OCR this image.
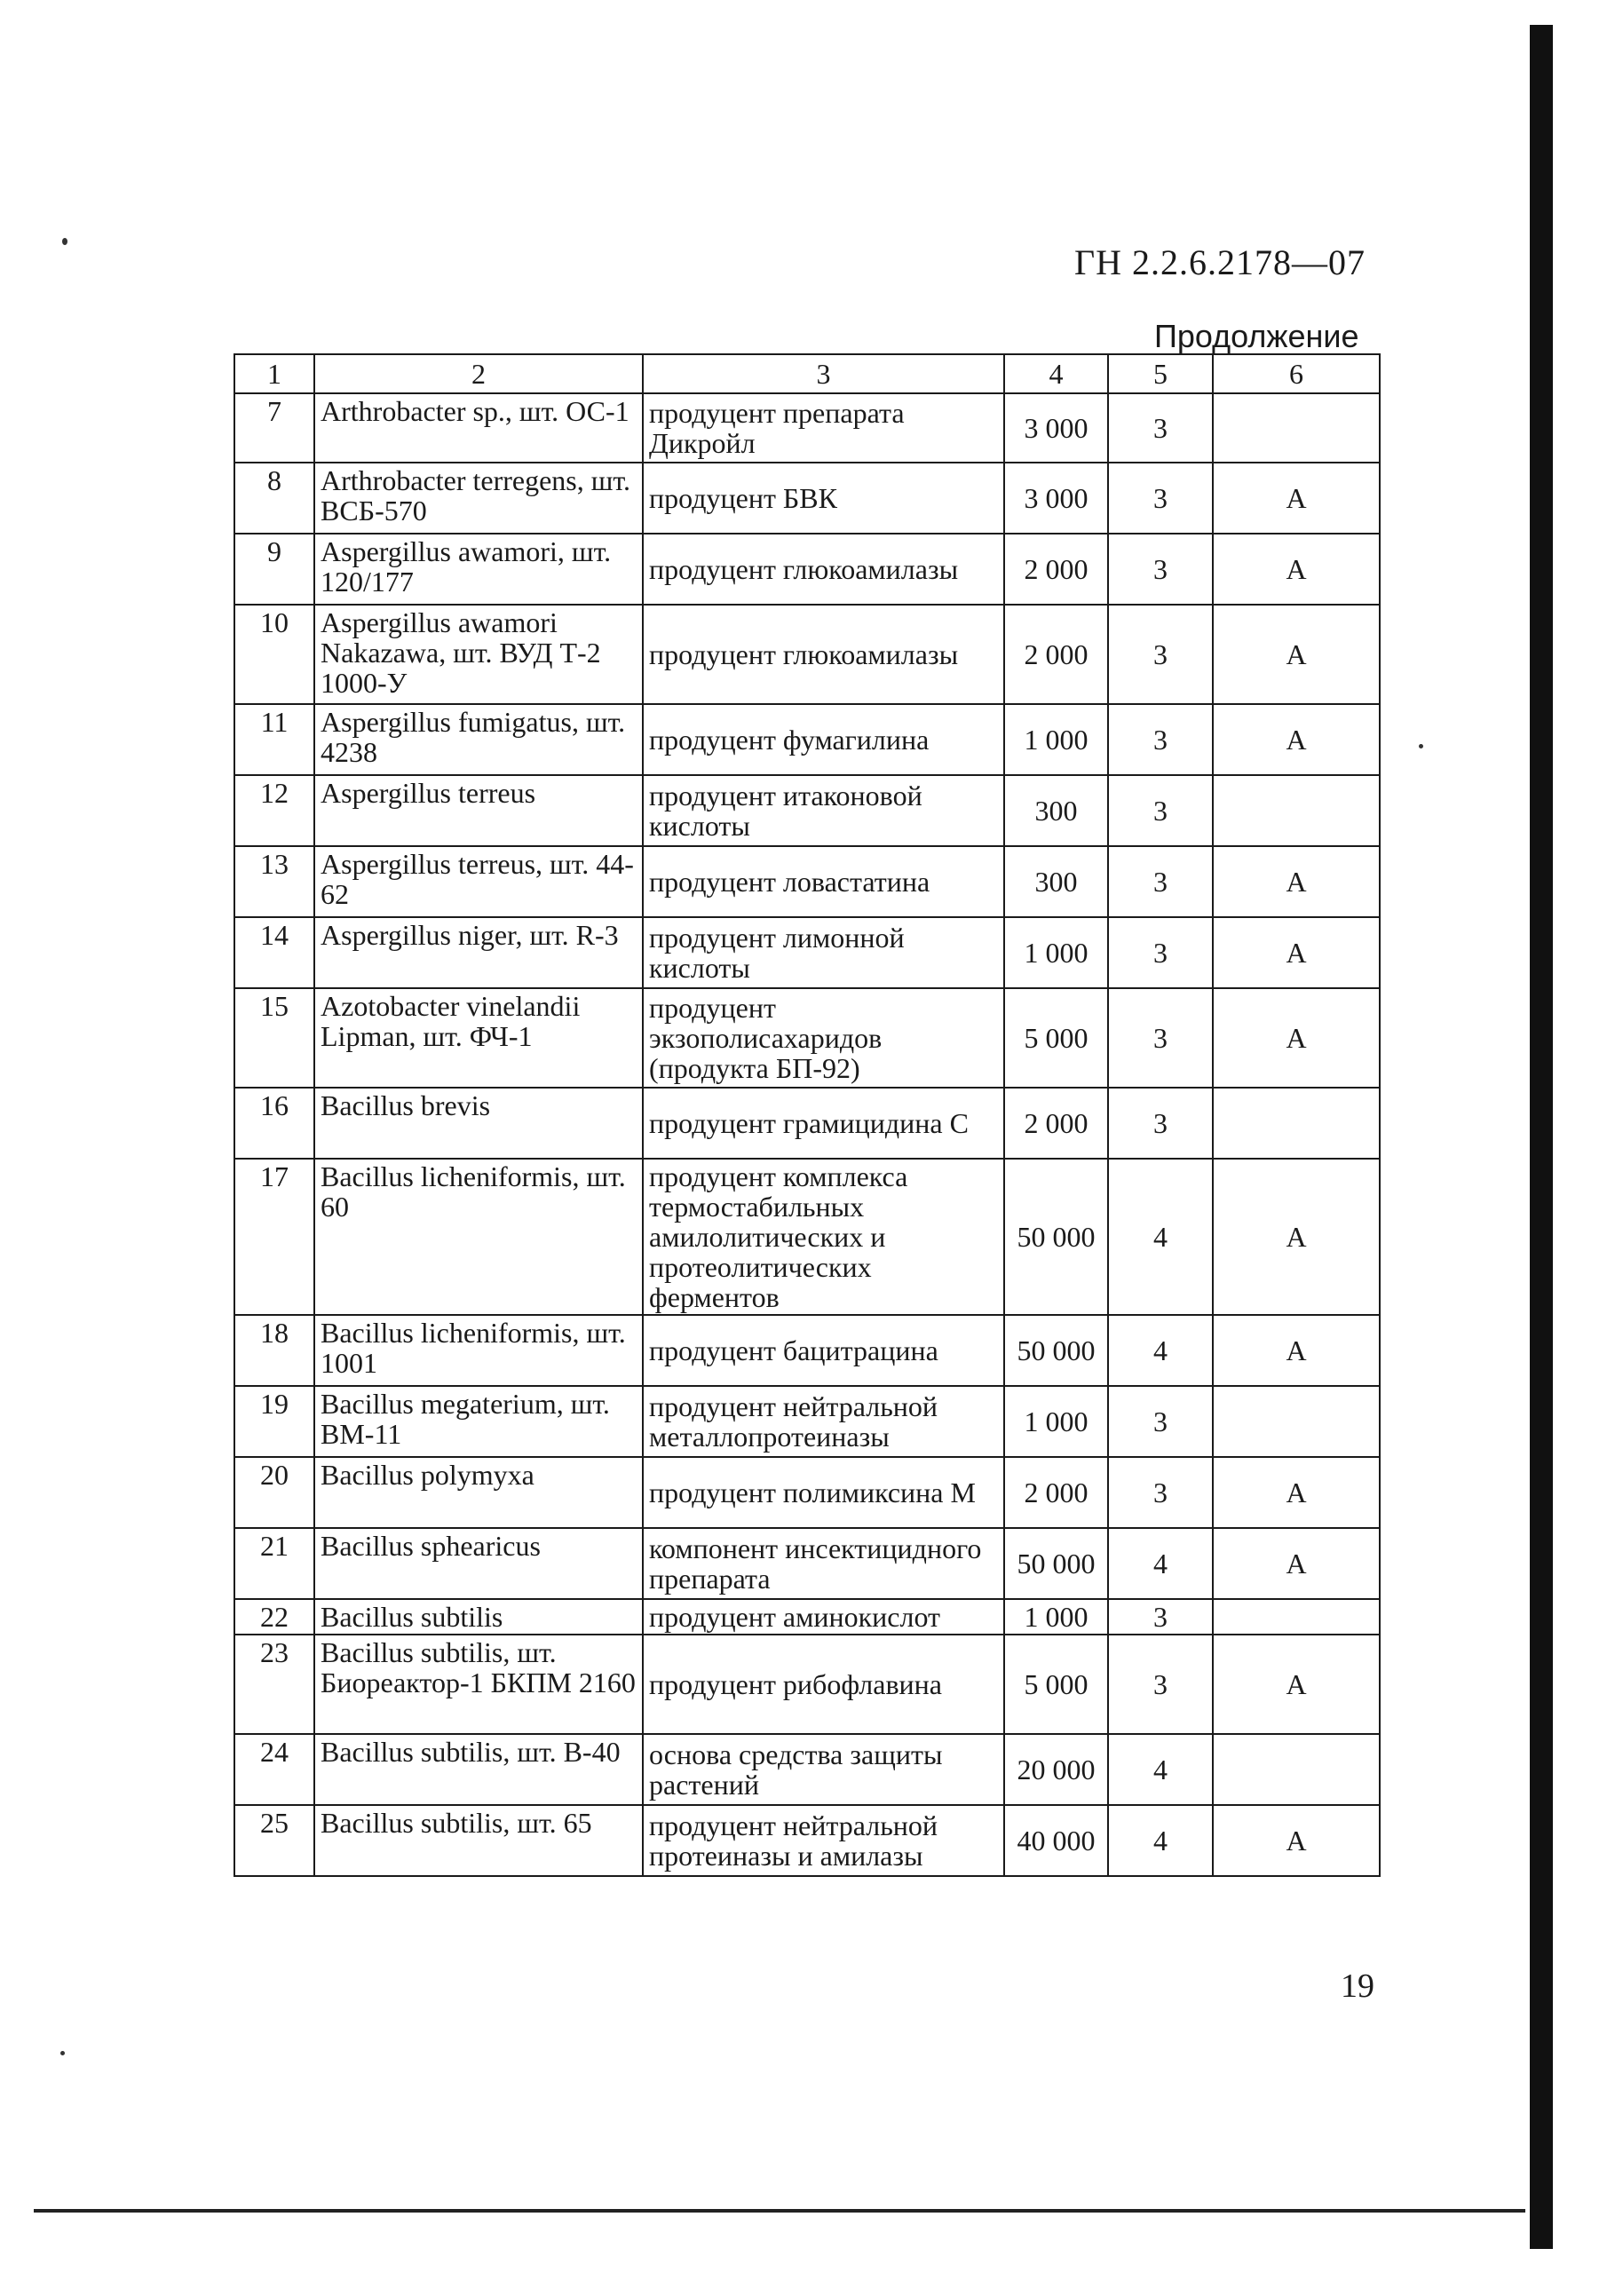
ГН 2.2.6.2178—07
Продолжение
1	2	3	4	5	6
7	Arthrobacter sp., шт. ОС-1	продуцент препарата Дикройл	3 000	3	
8	Arthrobacter terregens, шт. ВСБ-570	продуцент БВК	3 000	3	А
9	Aspergillus awamori, шт. 120/177	продуцент глюкоамилазы	2 000	3	А
10	Aspergillus awamori Nakazawa, шт. ВУД Т-2 1000-У	продуцент глюкоамилазы	2 000	3	А
11	Aspergillus fumigatus, шт. 4238	продуцент фумагилина	1 000	3	А
12	Aspergillus terreus	продуцент итаконовой кислоты	300	3	
13	Aspergillus terreus, шт. 44-62	продуцент ловастатина	300	3	А
14	Aspergillus niger, шт. R-3	продуцент лимонной кислоты	1 000	3	А
15	Azotobacter vinelandii Lipman, шт. ФЧ-1	продуцент экзополисахаридов (продукта БП-92)	5 000	3	А
16	Bacillus brevis	продуцент грамицидина С	2 000	3	
17	Bacillus licheniformis, шт. 60	продуцент комплекса термостабильных амилолитических и протеолитических ферментов	50 000	4	А
18	Bacillus licheniformis, шт. 1001	продуцент бацитрацина	50 000	4	А
19	Bacillus megaterium, шт. ВМ-11	продуцент нейтральной металлопротеиназы	1 000	3	
20	Bacillus polymyxa	продуцент полимиксина М	2 000	3	А
21	Bacillus sphearicus	компонент инсектицидного препарата	50 000	4	А
22	Bacillus subtilis	продуцент аминокислот	1 000	3	
23	Bacillus subtilis, шт. Биореактор-1 БКПМ 2160	продуцент рибофлавина	5 000	3	А
24	Bacillus subtilis, шт. В-40	основа средства защиты растений	20 000	4	
25	Bacillus subtilis, шт. 65	продуцент нейтральной протеиназы и амилазы	40 000	4	А
19
